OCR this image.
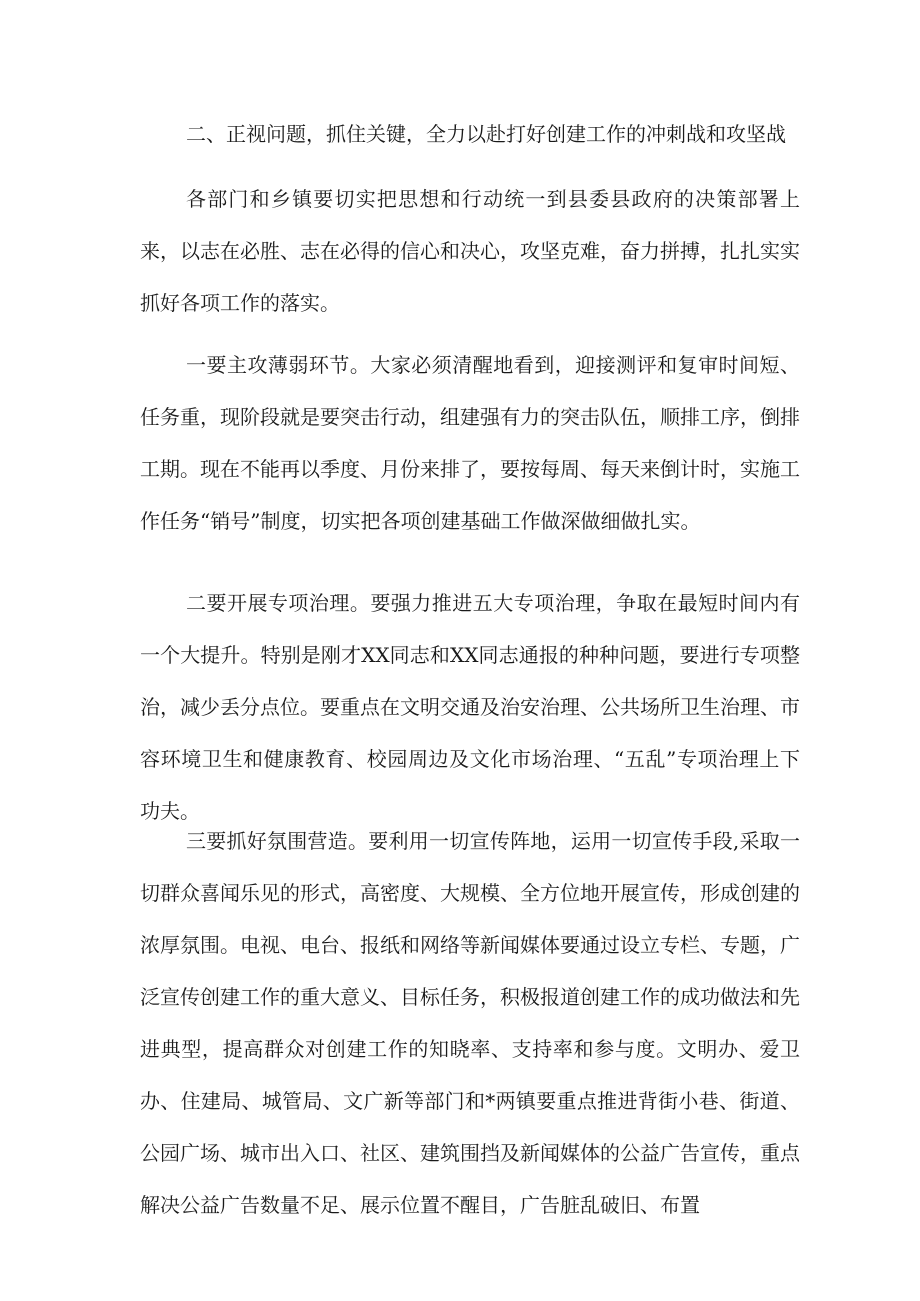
二、正视问题，抓住关键，全力以赴打好创建工作的冲刺战和攻坚战

各部门和乡镇要切实把思想和行动统一到县委县政府的决策部署上来，以志在必胜、志在必得的信心和决心，攻坚克难，奋力拼搏，扎扎实实抓好各项工作的落实。

一要主攻薄弱环节。大家必须清醒地看到，迎接测评和复审时间短、任务重，现阶段就是要突击行动，组建强有力的突击队伍，顺排工序，倒排工期。现在不能再以季度、月份来排了，要按每周、每天来倒计时，实施工作任务“销号”制度，切实把各项创建基础工作做深做细做扎实。

二要开展专项治理。要强力推进五大专项治理，争取在最短时间内有一个大提升。特别是刚才XX同志和XX同志通报的种种问题，要进行专项整治，减少丢分点位。要重点在文明交通及治安治理、公共场所卫生治理、市容环境卫生和健康教育、校园周边及文化市场治理、“五乱”专项治理上下功夫。

三要抓好氛围营造。要利用一切宣传阵地，运用一切宣传手段,采取一切群众喜闻乐见的形式，高密度、大规模、全方位地开展宣传，形成创建的浓厚氛围。电视、电台、报纸和网络等新闻媒体要通过设立专栏、专题，广泛宣传创建工作的重大意义、目标任务，积极报道创建工作的成功做法和先进典型，提高群众对创建工作的知晓率、支持率和参与度。文明办、爱卫办、住建局、城管局、文广新等部门和*两镇要重点推进背街小巷、街道、公园广场、城市出入口、社区、建筑围挡及新闻媒体的公益广告宣传，重点解决公益广告数量不足、展示位置不醒目，广告脏乱破旧、布置
